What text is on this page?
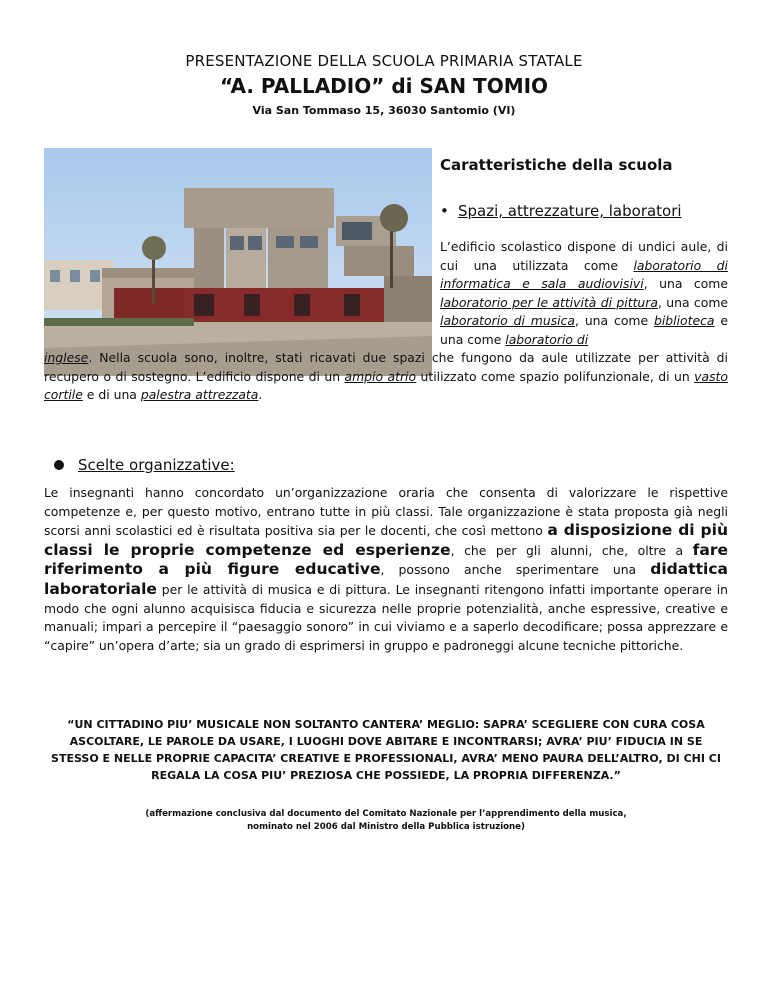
PRESENTAZIONE DELLA SCUOLA PRIMARIA STATALE
“A. PALLADIO” di SAN TOMIO
Via San Tommaso 15, 36030 Santomio (VI)
Caratteristiche della scuola
• Spazi, attrezzature, laboratori
L’edificio scolastico dispone di undici aule, di cui una utilizzata come laboratorio di informatica e sala audiovisivi, una come laboratorio per le attività di pittura, una come laboratorio di musica, una come biblioteca e una come laboratorio di
inglese. Nella scuola sono, inoltre, stati ricavati due spazi che fungono da aule utilizzate per attività di recupero o di sostegno. L’edificio dispone di un ampio atrio utilizzato come spazio polifunzionale, di un vasto cortile e di una palestra attrezzata.
Scelte organizzative:
Le insegnanti hanno concordato un’organizzazione oraria che consenta di valorizzare le rispettive competenze e, per questo motivo, entrano tutte in più classi. Tale organizzazione è stata proposta già negli scorsi anni scolastici ed è risultata positiva sia per le docenti, che così mettono a disposizione di più classi le proprie competenze ed esperienze, che per gli alunni, che, oltre a fare riferimento a più figure educative, possono anche sperimentare una didattica laboratoriale per le attività di musica e di pittura. Le insegnanti ritengono infatti importante operare in modo che ogni alunno acquisisca fiducia e sicurezza nelle proprie potenzialità, anche espressive, creative e manuali; impari a percepire il “paesaggio sonoro” in cui viviamo e a saperlo decodificare; possa apprezzare e “capire” un’opera d’arte; sia un grado di esprimersi in gruppo e padroneggi alcune tecniche pittoriche.
“UN CITTADINO PIU’ MUSICALE NON SOLTANTO CANTERA’ MEGLIO: SAPRA’ SCEGLIERE CON CURA COSA ASCOLTARE, LE PAROLE DA USARE, I LUOGHI DOVE ABITARE E INCONTRARSI; AVRA’ PIU’ FIDUCIA IN SE STESSO E NELLE PROPRIE CAPACITA’ CREATIVE E PROFESSIONALI, AVRA’ MENO PAURA DELL’ALTRO, DI CHI CI REGALA LA COSA PIU’ PREZIOSA CHE POSSIEDE, LA PROPRIA DIFFERENZA.”
(affermazione conclusiva dal documento del Comitato Nazionale per l’apprendimento della musica,
nominato nel 2006 dal Ministro della Pubblica istruzione)
